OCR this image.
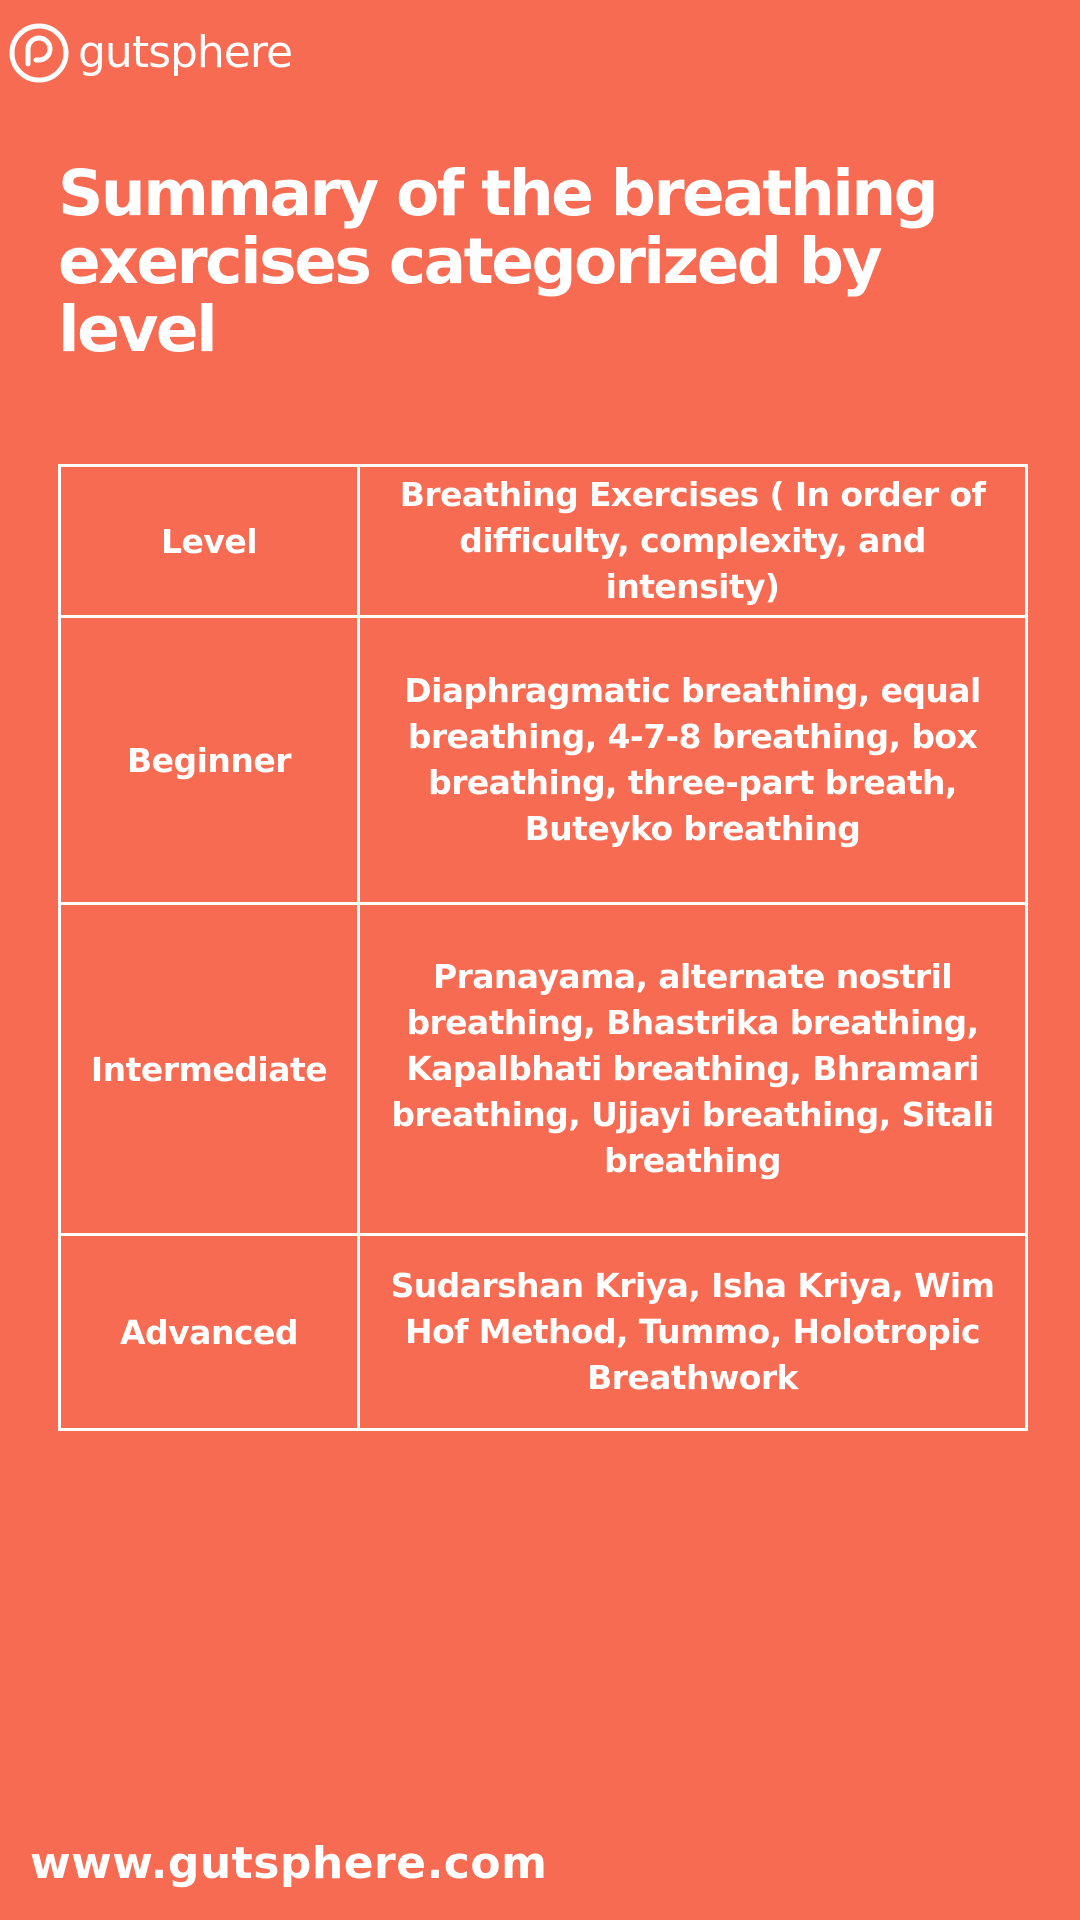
gutsphere
Summary of the breathing exercises categorized by level
Level	Breathing Exercises ( In order of difficulty, complexity, and intensity)
Beginner	Diaphragmatic breathing, equal breathing, 4-7-8 breathing, box breathing, three-part breath, Buteyko breathing
Intermediate	Pranayama, alternate nostril breathing, Bhastrika breathing, Kapalbhati breathing, Bhramari breathing, Ujjayi breathing, Sitali breathing
Advanced	Sudarshan Kriya, Isha Kriya, Wim Hof Method, Tummo, Holotropic Breathwork
www.gutsphere.com
